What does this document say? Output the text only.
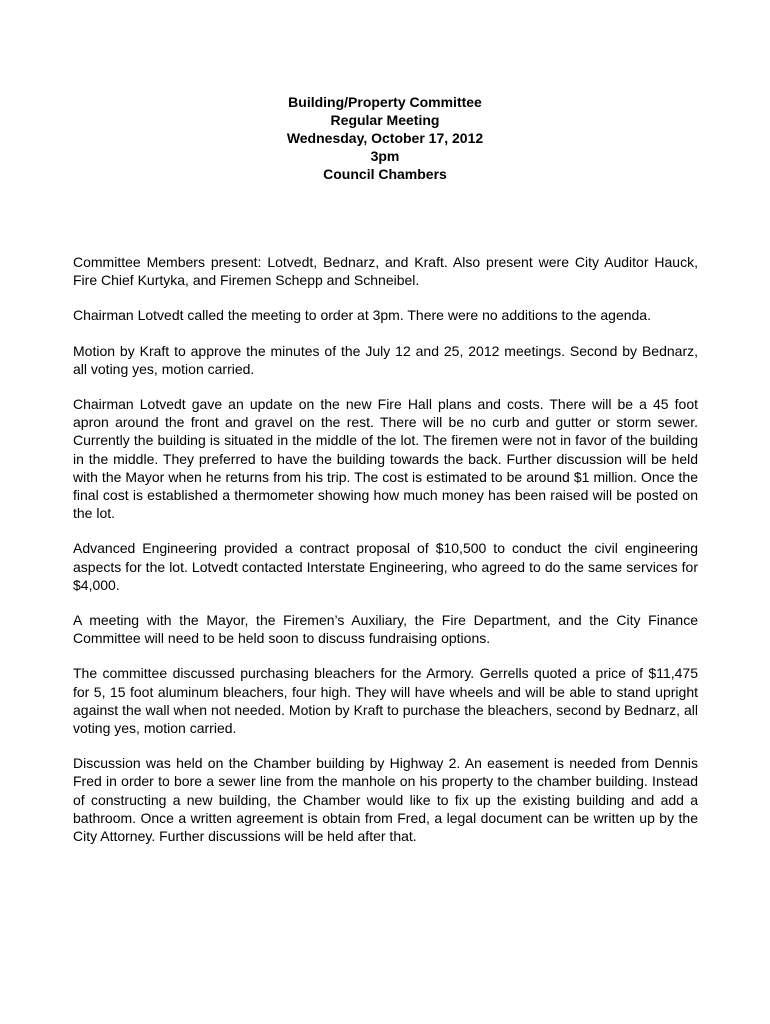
Building/Property Committee
Regular Meeting
Wednesday, October 17, 2012
3pm
Council Chambers

Committee Members present: Lotvedt, Bednarz, and Kraft. Also present were City Auditor Hauck, Fire Chief Kurtyka, and Firemen Schepp and Schneibel.

Chairman Lotvedt called the meeting to order at 3pm. There were no additions to the agenda.

Motion by Kraft to approve the minutes of the July 12 and 25, 2012 meetings. Second by Bednarz, all voting yes, motion carried.

Chairman Lotvedt gave an update on the new Fire Hall plans and costs. There will be a 45 foot apron around the front and gravel on the rest. There will be no curb and gutter or storm sewer. Currently the building is situated in the middle of the lot. The firemen were not in favor of the building in the middle. They preferred to have the building towards the back. Further discussion will be held with the Mayor when he returns from his trip. The cost is estimated to be around $1 million. Once the final cost is established a thermometer showing how much money has been raised will be posted on the lot.

Advanced Engineering provided a contract proposal of $10,500 to conduct the civil engineering aspects for the lot. Lotvedt contacted Interstate Engineering, who agreed to do the same services for $4,000.

A meeting with the Mayor, the Firemen’s Auxiliary, the Fire Department, and the City Finance Committee will need to be held soon to discuss fundraising options.

The committee discussed purchasing bleachers for the Armory. Gerrells quoted a price of $11,475 for 5, 15 foot aluminum bleachers, four high. They will have wheels and will be able to stand upright against the wall when not needed. Motion by Kraft to purchase the bleachers, second by Bednarz, all voting yes, motion carried.

Discussion was held on the Chamber building by Highway 2. An easement is needed from Dennis Fred in order to bore a sewer line from the manhole on his property to the chamber building. Instead of constructing a new building, the Chamber would like to fix up the existing building and add a bathroom. Once a written agreement is obtain from Fred, a legal document can be written up by the City Attorney. Further discussions will be held after that.
